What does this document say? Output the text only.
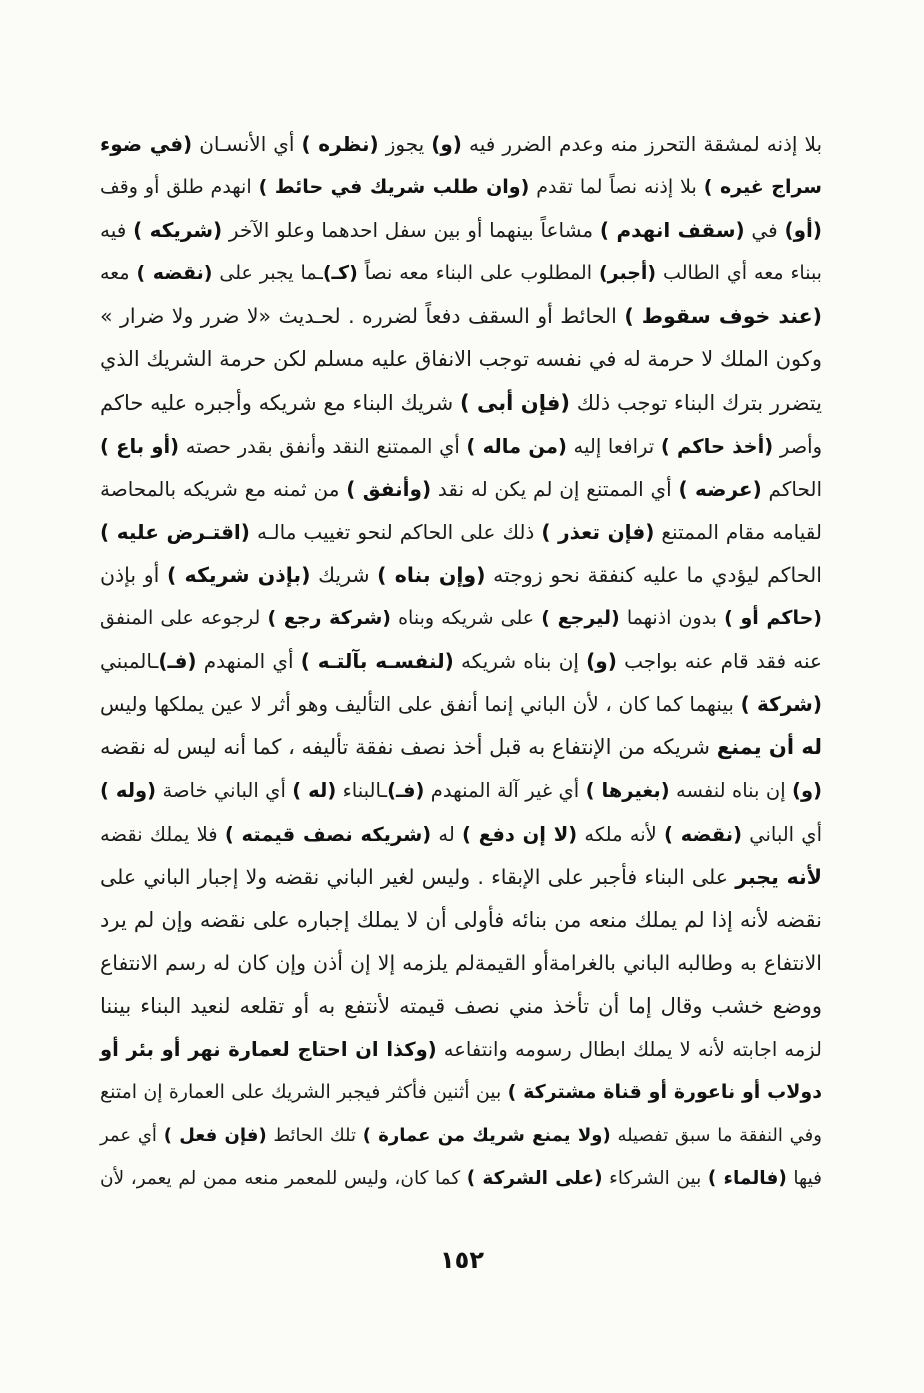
بلا إذنه لمشقة التحرز منه وعدم الضرر فيه (و) يجوز (نظره ) أي الأنسـان (في ضوء
سراج غيره ) بلا إذنه نصاً لما تقدم (وان طلب شريك في حائط ) انهدم طلق أو وقف
(أو) في (سقف انهدم ) مشاعاً بينهما أو بين سفل احدهما وعلو الآخر (شريكه ) فيه
ببناء معه أي الطالب (أجبر) المطلوب على البناء معه نصاً (كـ)ـما يجبر على (نقضه ) معه
(عند خوف سقوط ) الحائط أو السقف دفعاً لضرره . لحـديث «لا ضرر ولا ضرار »
وكون الملك لا حرمة له في نفسه توجب الانفاق عليه مسلم لكن حرمة الشريك الذي
يتضرر بترك البناء توجب ذلك (فإن أبى ) شريك البناء مع شريكه وأجبره عليه حاكم
وأصر (أخذ حاكم ) ترافعا إليه (من ماله ) أي الممتنع النقد وأنفق بقدر حصته (أو باع )
الحاكم (عرضه ) أي الممتنع إن لم يكن له نقد (وأنفق ) من ثمنه مع شريكه بالمحاصة
لقيامه مقام الممتنع (فإن تعذر ) ذلك على الحاكم لنحو تغييب مالـه (اقتـرض عليه )
الحاكم ليؤدي ما عليه كنفقة نحو زوجته (وإن بناه ) شريك (بإذن شريكه ) أو بإذن
(حاكم أو ) بدون اذنهما (ليرجع ) على شريكه وبناه (شركة رجع ) لرجوعه على المنفق
عنه فقد قام عنه بواجب (و) إن بناه شريكه (لنفسـه بآلتـه ) أي المنهدم (فـ)ـالمبني
(شركة ) بينهما كما كان ، لأن الباني إنما أنفق على التأليف وهو أثر لا عين يملكها وليس
له أن يمنع شريكه من الإنتفاع به قبل أخذ نصف نفقة تأليفه ، كما أنه ليس له نقضه
(و) إن بناه لنفسه (بغيرها ) أي غير آلة المنهدم (فـ)ـالبناء (له ) أي الباني خاصة (وله )
أي الباني (نقضه ) لأنه ملكه (لا إن دفع ) له (شريكه نصف قيمته ) فلا يملك نقضه
لأنه يجبر على البناء فأجبر على الإبقاء . وليس لغير الباني نقضه ولا إجبار الباني على
نقضه لأنه إذا لم يملك منعه من بنائه فأولى أن لا يملك إجباره على نقضه وإن لم يرد
الانتفاع به وطالبه الباني بالغرامةأو القيمةلم يلزمه إلا إن أذن وإن كان له رسم الانتفاع
ووضع خشب وقال إما أن تأخذ مني نصف قيمته لأنتفع به أو تقلعه لنعيد البناء بيننا
لزمه اجابته لأنه لا يملك ابطال رسومه وانتفاعه (وكذا ان احتاج لعمارة نهر أو بئر أو
دولاب أو ناعورة أو قناة مشتركة ) بين أثنين فأكثر فيجبر الشريك على العمارة إن امتنع
وفي النفقة ما سبق تفصيله (ولا يمنع شريك من عمارة ) تلك الحائط (فإن فعل ) أي عمر
فيها (فالماء ) بين الشركاء (على الشركة ) كما كان، وليس للمعمر منعه ممن لم يعمر، لأن
١٥٢
